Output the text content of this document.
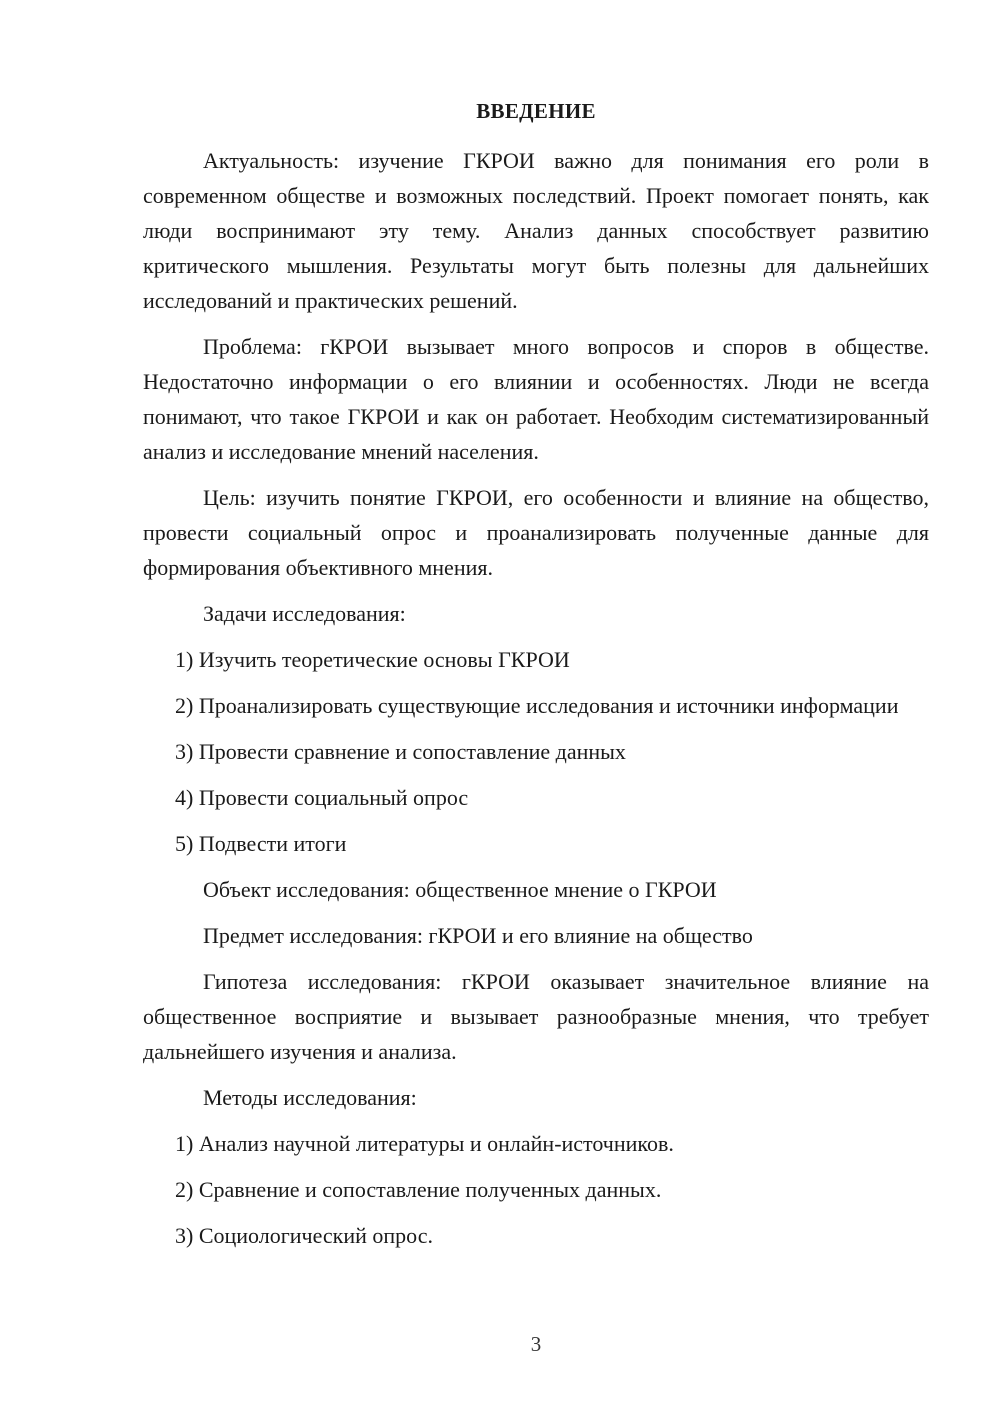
ВВЕДЕНИЕ

Актуальность: изучение ГКРОИ важно для понимания его роли в современном обществе и возможных последствий. Проект помогает понять, как люди воспринимают эту тему. Анализ данных способствует развитию критического мышления. Результаты могут быть полезны для дальнейших исследований и практических решений.

Проблема: гКРОИ вызывает много вопросов и споров в обществе. Недостаточно информации о его влиянии и особенностях. Люди не всегда понимают, что такое ГКРОИ и как он работает. Необходим систематизированный анализ и исследование мнений населения.

Цель: изучить понятие ГКРОИ, его особенности и влияние на общество, провести социальный опрос и проанализировать полученные данные для формирования объективного мнения.

Задачи исследования:

1) Изучить теоретические основы ГКРОИ

2) Проанализировать существующие исследования и источники информации

3) Провести сравнение и сопоставление данных

4) Провести социальный опрос

5) Подвести итоги

Объект исследования: общественное мнение о ГКРОИ

Предмет исследования: гКРОИ и его влияние на общество

Гипотеза исследования: гКРОИ оказывает значительное влияние на общественное восприятие и вызывает разнообразные мнения, что требует дальнейшего изучения и анализа.

Методы исследования:

1) Анализ научной литературы и онлайн-источников.

2) Сравнение и сопоставление полученных данных.

3) Социологический опрос.

3
